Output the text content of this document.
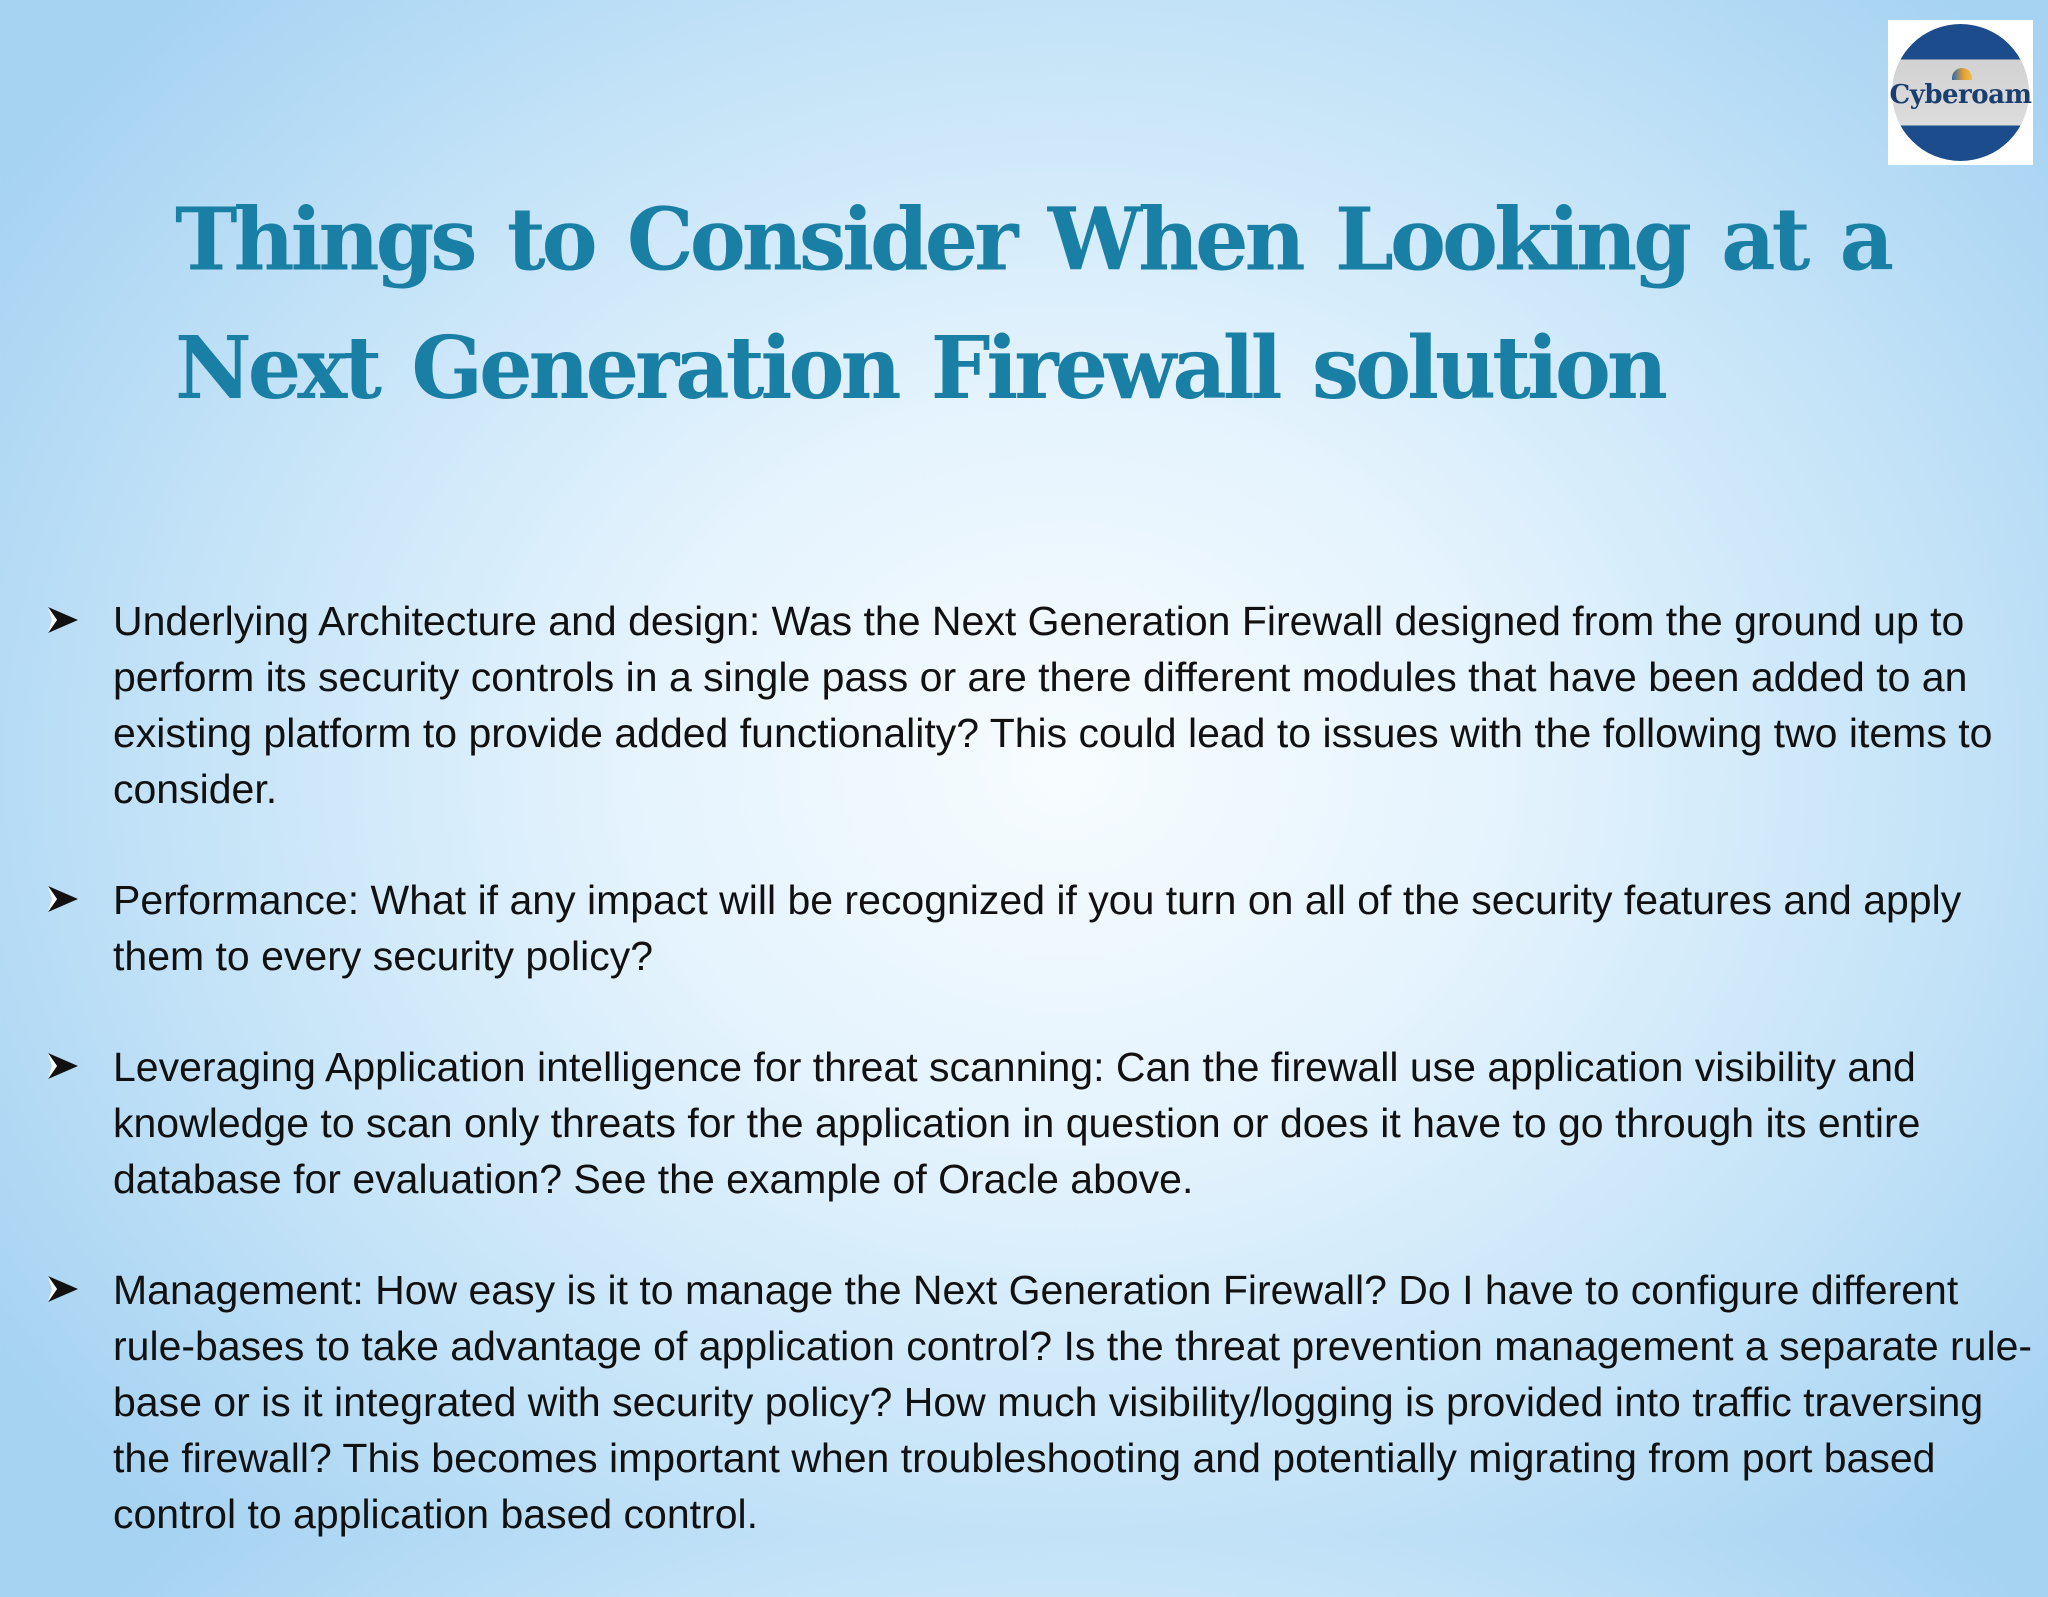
Cyberoam
Things to Consider When Looking at a Next Generation Firewall solution
Underlying Architecture and design: Was the Next Generation Firewall designed from the ground up to perform its security controls in a single pass or are there different modules that have been added to an existing platform to provide added functionality? This could lead to issues with the following two items to consider.
Performance: What if any impact will be recognized if you turn on all of the security features and apply them to every security policy?
Leveraging Application intelligence for threat scanning: Can the firewall use application visibility and knowledge to scan only threats for the application in question or does it have to go through its entire database for evaluation? See the example of Oracle above.
Management: How easy is it to manage the Next Generation Firewall? Do I have to configure different rule-bases to take advantage of application control? Is the threat prevention management a separate rule-base or is it integrated with security policy? How much visibility/logging is provided into traffic traversing the firewall? This becomes important when troubleshooting and potentially migrating from port based control to application based control.
